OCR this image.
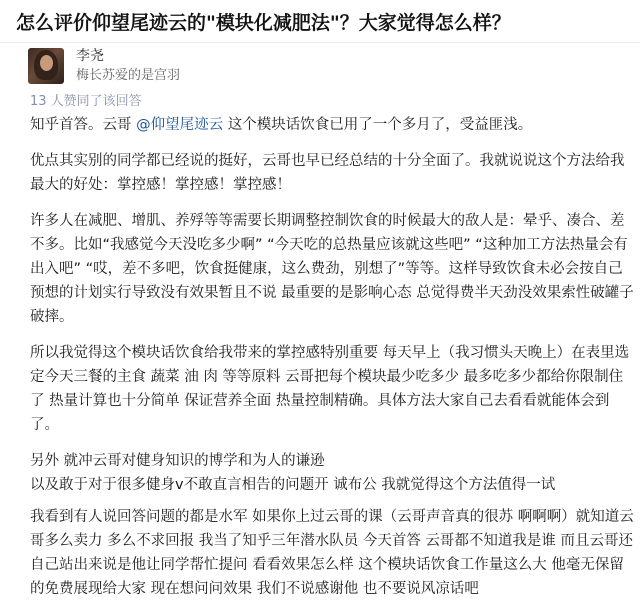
怎么评价仰望尾迹云的"模块化减肥法"？大家觉得怎么样？
李尧
梅长苏爱的是宫羽
13 人赞同了该回答

知乎首答。云哥 @仰望尾迹云 这个模块话饮食已用了一个多月了，受益匪浅。

优点其实别的同学都已经说的挺好，云哥也早已经总结的十分全面了。我就说说这个方法给我最大的好处：掌控感！掌控感！掌控感！

许多人在减肥、增肌、养殍等等需要长期调整控制饮食的时候最大的敌人是：晕乎、凑合、差不多。比如“我感觉今天没吃多少啊” “今天吃的总热量应该就这些吧” “这种加工方法热量会有出入吧” “哎，差不多吧，饮食挺健康，这么费劲，别想了”等等。这样导致饮食未必会按自己预想的计划实行导致没有效果暂且不说 最重要的是影响心态 总觉得费半天劲没效果索性破罐子破摔。

所以我觉得这个模块话饮食给我带来的掌控感特别重要 每天早上（我习惯头天晚上）在表里选定今天三餐的主食 蔬菜 油 肉 等等原料 云哥把每个模块最少吃多少 最多吃多少都给你限制住了 热量计算也十分简单 保证营养全面 热量控制精确。具体方法大家自己去看看就能体会到了。

另外 就冲云哥对健身知识的博学和为人的谦逊
以及敢于对于很多健身v不敢直言相告的问题开 诚布公 我就觉得这个方法值得一试

我看到有人说回答问题的都是水军 如果你上过云哥的课（云哥声音真的很苏 啊啊啊）就知道云哥多么卖力 多么不求回报 我当了知乎三年潜水队员 今天首答 云哥都不知道我是谁 而且云哥还自己站出来说是他让同学帮忙提问 看看效果怎么样 这个模块话饮食工作量这么大 他毫无保留的免费展现给大家 现在想问问效果 我们不说感谢他 也不要说风凉话吧
